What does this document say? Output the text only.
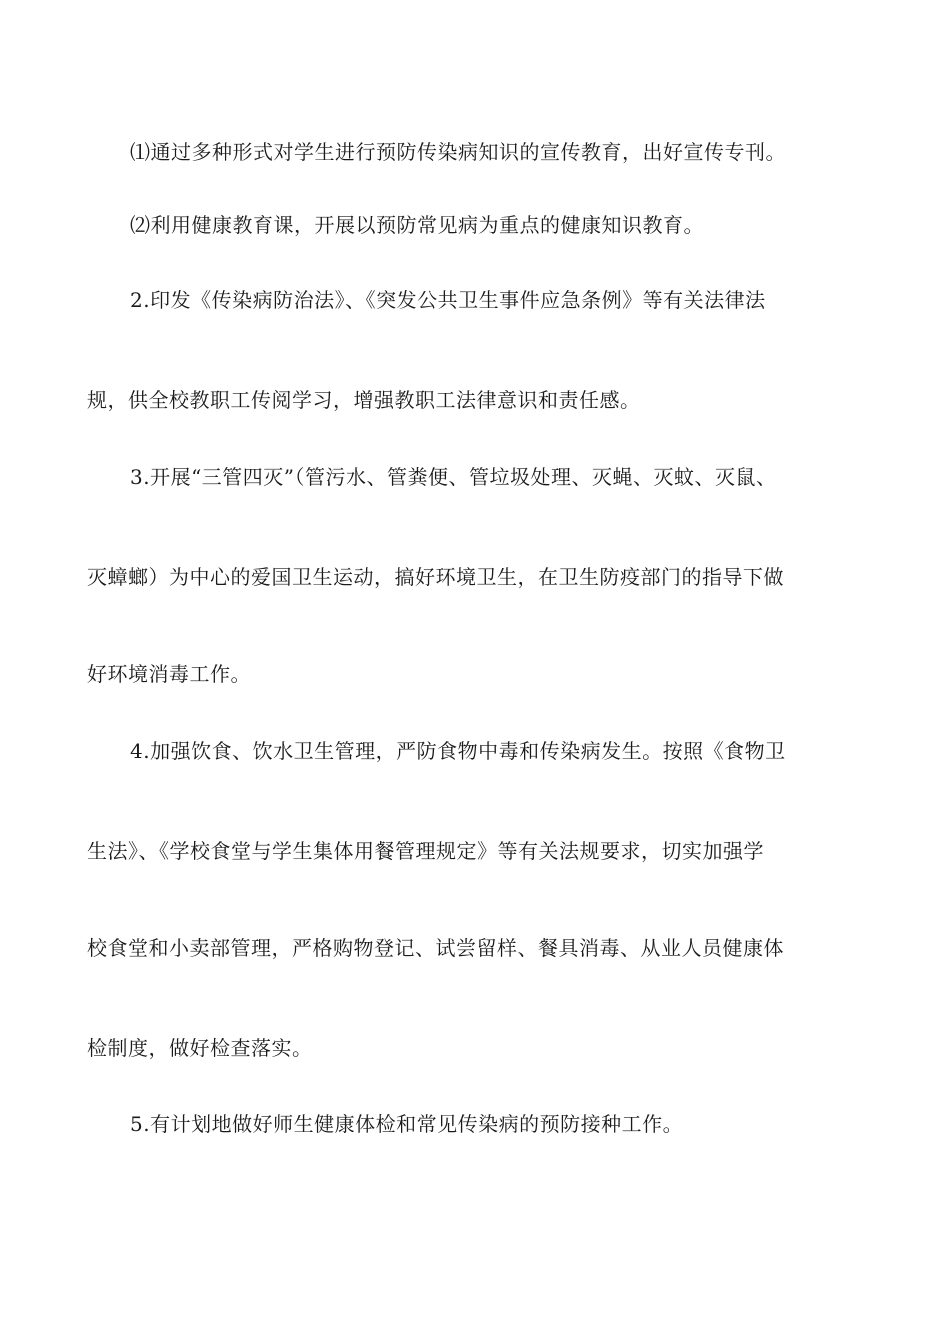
⑴通过多种形式对学生进行预防传染病知识的宣传教育，出好宣传专刊。
⑵利用健康教育课，开展以预防常见病为重点的健康知识教育。
2.印发《传染病防治法》、《突发公共卫生事件应急条例》等有关法律法
规，供全校教职工传阅学习，增强教职工法律意识和责任感。
3.开展“三管四灭”（管污水、管粪便、管垃圾处理、灭蝇、灭蚊、灭鼠、
灭蟑螂）为中心的爱国卫生运动，搞好环境卫生，在卫生防疫部门的指导下做
好环境消毒工作。
4.加强饮食、饮水卫生管理，严防食物中毒和传染病发生。按照《食物卫
生法》、《学校食堂与学生集体用餐管理规定》等有关法规要求，切实加强学
校食堂和小卖部管理，严格购物登记、试尝留样、餐具消毒、从业人员健康体
检制度，做好检查落实。
5.有计划地做好师生健康体检和常见传染病的预防接种工作。
